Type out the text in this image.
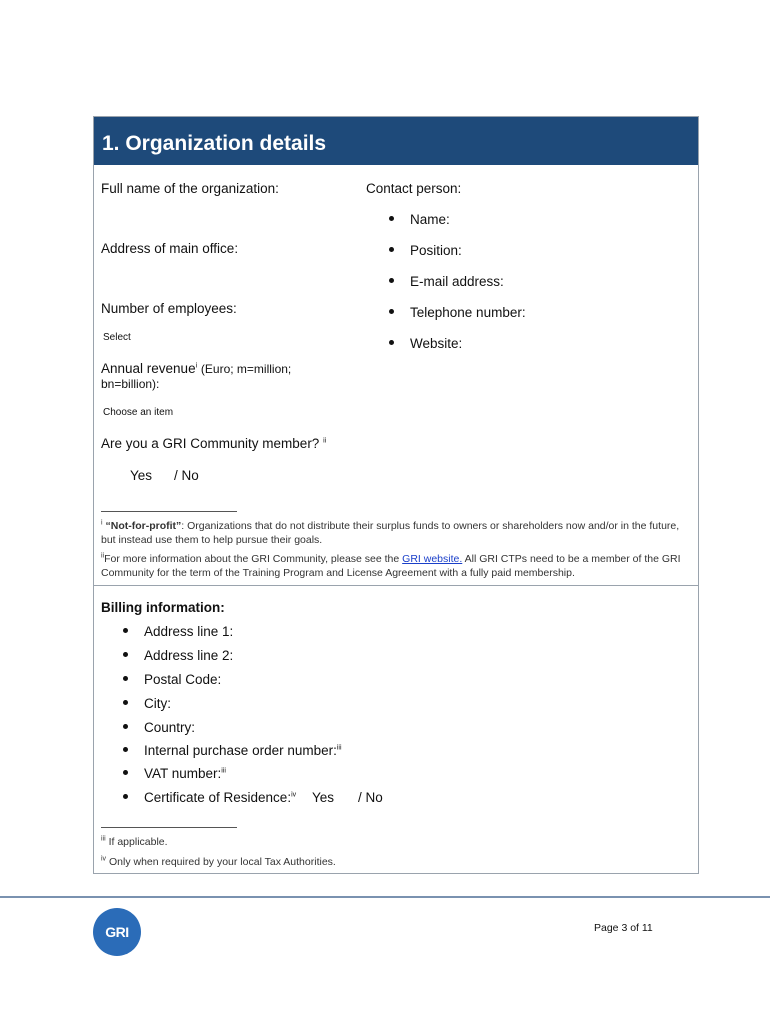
1. Organization details
Full name of the organization:
Address of main office:
Number of employees:
Select
Annual revenue$^i$ (Euro; m=million;
bn=billion):
Choose an item
Are you a GRI Community member? $^{ii}$
Yes / No
Contact person:
Name:
Position:
E-mail address:
Telephone number:
Website:
$^i$ “Not-for-profit”: Organizations that do not distribute their surplus funds to owners or shareholders now and/or in the future, but instead use them to help pursue their goals.
$^{ii}$For more information about the GRI Community, please see the GRI website. All GRI CTPs need to be a member of the GRI Community for the term of the Training Program and License Agreement with a fully paid membership.
Billing information:
Address line 1:
Address line 2:
Postal Code:
City:
Country:
Internal purchase order number:$^{iii}$
VAT number:$^{iii}$
Certificate of Residence:$^{iv}$ Yes / No
$^{iii}$ If applicable.
$^{iv}$ Only when required by your local Tax Authorities.
GRI	Page 3 of 11
